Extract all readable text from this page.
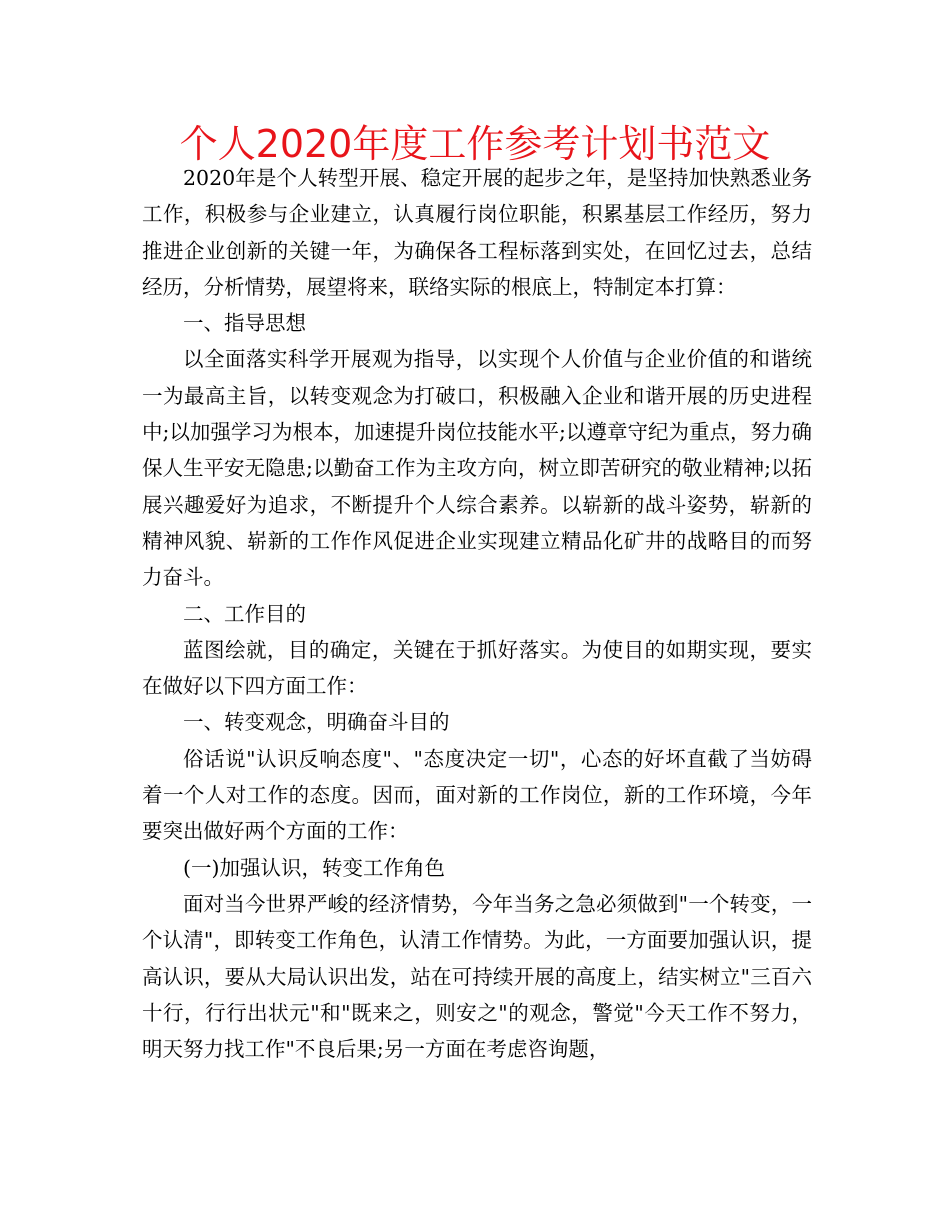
个人2020年度工作参考计划书范文

2020年是个人转型开展、稳定开展的起步之年，是坚持加快熟悉业务工作，积极参与企业建立，认真履行岗位职能，积累基层工作经历，努力推进企业创新的关键一年，为确保各工程标落到实处，在回忆过去，总结经历，分析情势，展望将来，联络实际的根底上，特制定本打算：

一、指导思想

以全面落实科学开展观为指导，以实现个人价值与企业价值的和谐统一为最高主旨，以转变观念为打破口，积极融入企业和谐开展的历史进程中;以加强学习为根本，加速提升岗位技能水平;以遵章守纪为重点，努力确保人生平安无隐患;以勤奋工作为主攻方向，树立即苦研究的敬业精神;以拓展兴趣爱好为追求，不断提升个人综合素养。以崭新的战斗姿势，崭新的精神风貌、崭新的工作作风促进企业实现建立精品化矿井的战略目的而努力奋斗。

二、工作目的

蓝图绘就，目的确定，关键在于抓好落实。为使目的如期实现，要实在做好以下四方面工作：

一、转变观念，明确奋斗目的

俗话说"认识反响态度"、"态度决定一切"，心态的好坏直截了当妨碍着一个人对工作的态度。因而，面对新的工作岗位，新的工作环境，今年要突出做好两个方面的工作：

(一)加强认识，转变工作角色

面对当今世界严峻的经济情势，今年当务之急必须做到"一个转变，一个认清"，即转变工作角色，认清工作情势。为此，一方面要加强认识，提高认识，要从大局认识出发，站在可持续开展的高度上，结实树立"三百六十行，行行出状元"和"既来之，则安之"的观念，警觉"今天工作不努力，明天努力找工作"不良后果;另一方面在考虑咨询题，
